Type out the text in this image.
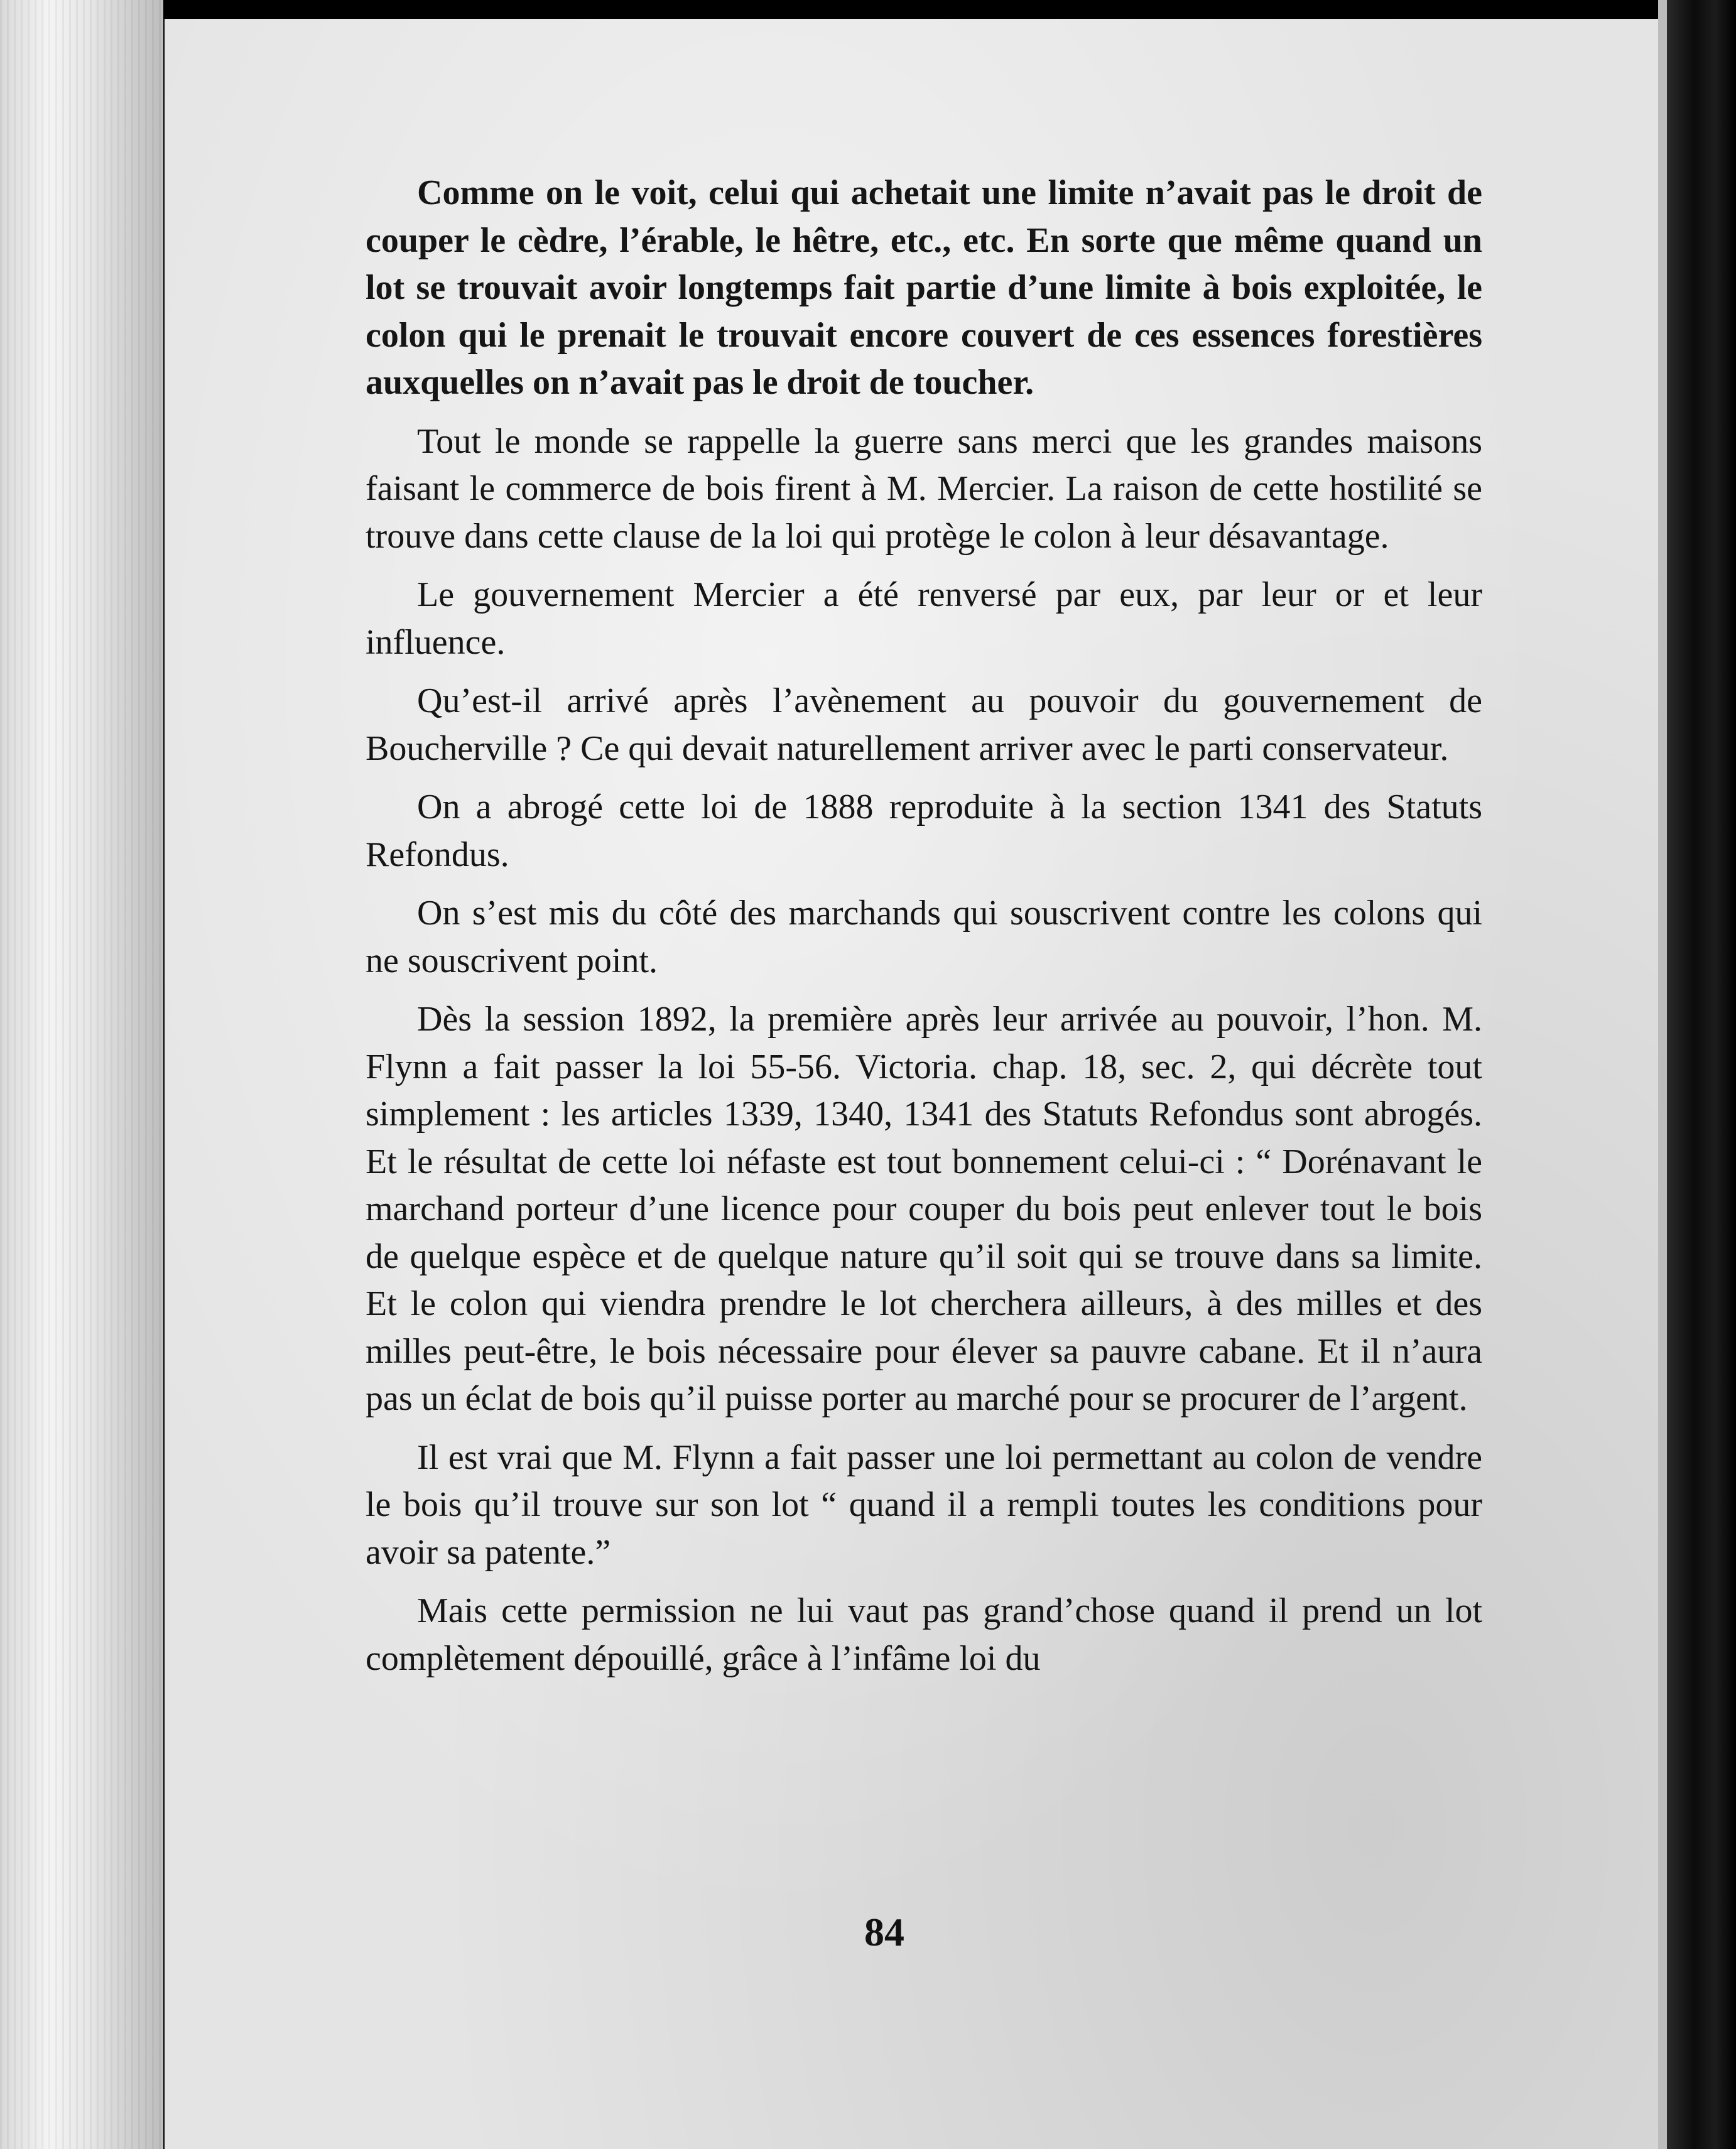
Comme on le voit, celui qui achetait une limite n’avait pas le droit de couper le cèdre, l’érable, le hêtre, etc., etc. En sorte que même quand un lot se trouvait avoir longtemps fait partie d’une limite à bois exploitée, le colon qui le prenait le trouvait encore couvert de ces essences forestières auxquelles on n’avait pas le droit de toucher.

Tout le monde se rappelle la guerre sans merci que les grandes maisons faisant le commerce de bois firent à M. Mercier. La raison de cette hostilité se trouve dans cette clause de la loi qui protège le colon à leur désavantage.

Le gouvernement Mercier a été renversé par eux, par leur or et leur influence.

Qu’est-il arrivé après l’avènement au pouvoir du gouvernement de Boucherville ? Ce qui devait naturellement arriver avec le parti conservateur.

On a abrogé cette loi de 1888 reproduite à la section 1341 des Statuts Refondus.

On s’est mis du côté des marchands qui souscrivent contre les colons qui ne souscrivent point.

Dès la session 1892, la première après leur arrivée au pouvoir, l’hon. M. Flynn a fait passer la loi 55-56. Victoria. chap. 18, sec. 2, qui décrète tout simplement : les articles 1339, 1340, 1341 des Statuts Refondus sont abrogés. Et le résultat de cette loi néfaste est tout bonnement celui-ci : “ Dorénavant le marchand porteur d’une licence pour couper du bois peut enlever tout le bois de quelque espèce et de quelque nature qu’il soit qui se trouve dans sa limite. Et le colon qui viendra prendre le lot cherchera ailleurs, à des milles et des milles peut-être, le bois nécessaire pour élever sa pauvre cabane. Et il n’aura pas un éclat de bois qu’il puisse porter au marché pour se procurer de l’argent.

Il est vrai que M. Flynn a fait passer une loi permettant au colon de vendre le bois qu’il trouve sur son lot “ quand il a rempli toutes les conditions pour avoir sa patente.”

Mais cette permission ne lui vaut pas grand’chose quand il prend un lot complètement dépouillé, grâce à l’infâme loi du

84
